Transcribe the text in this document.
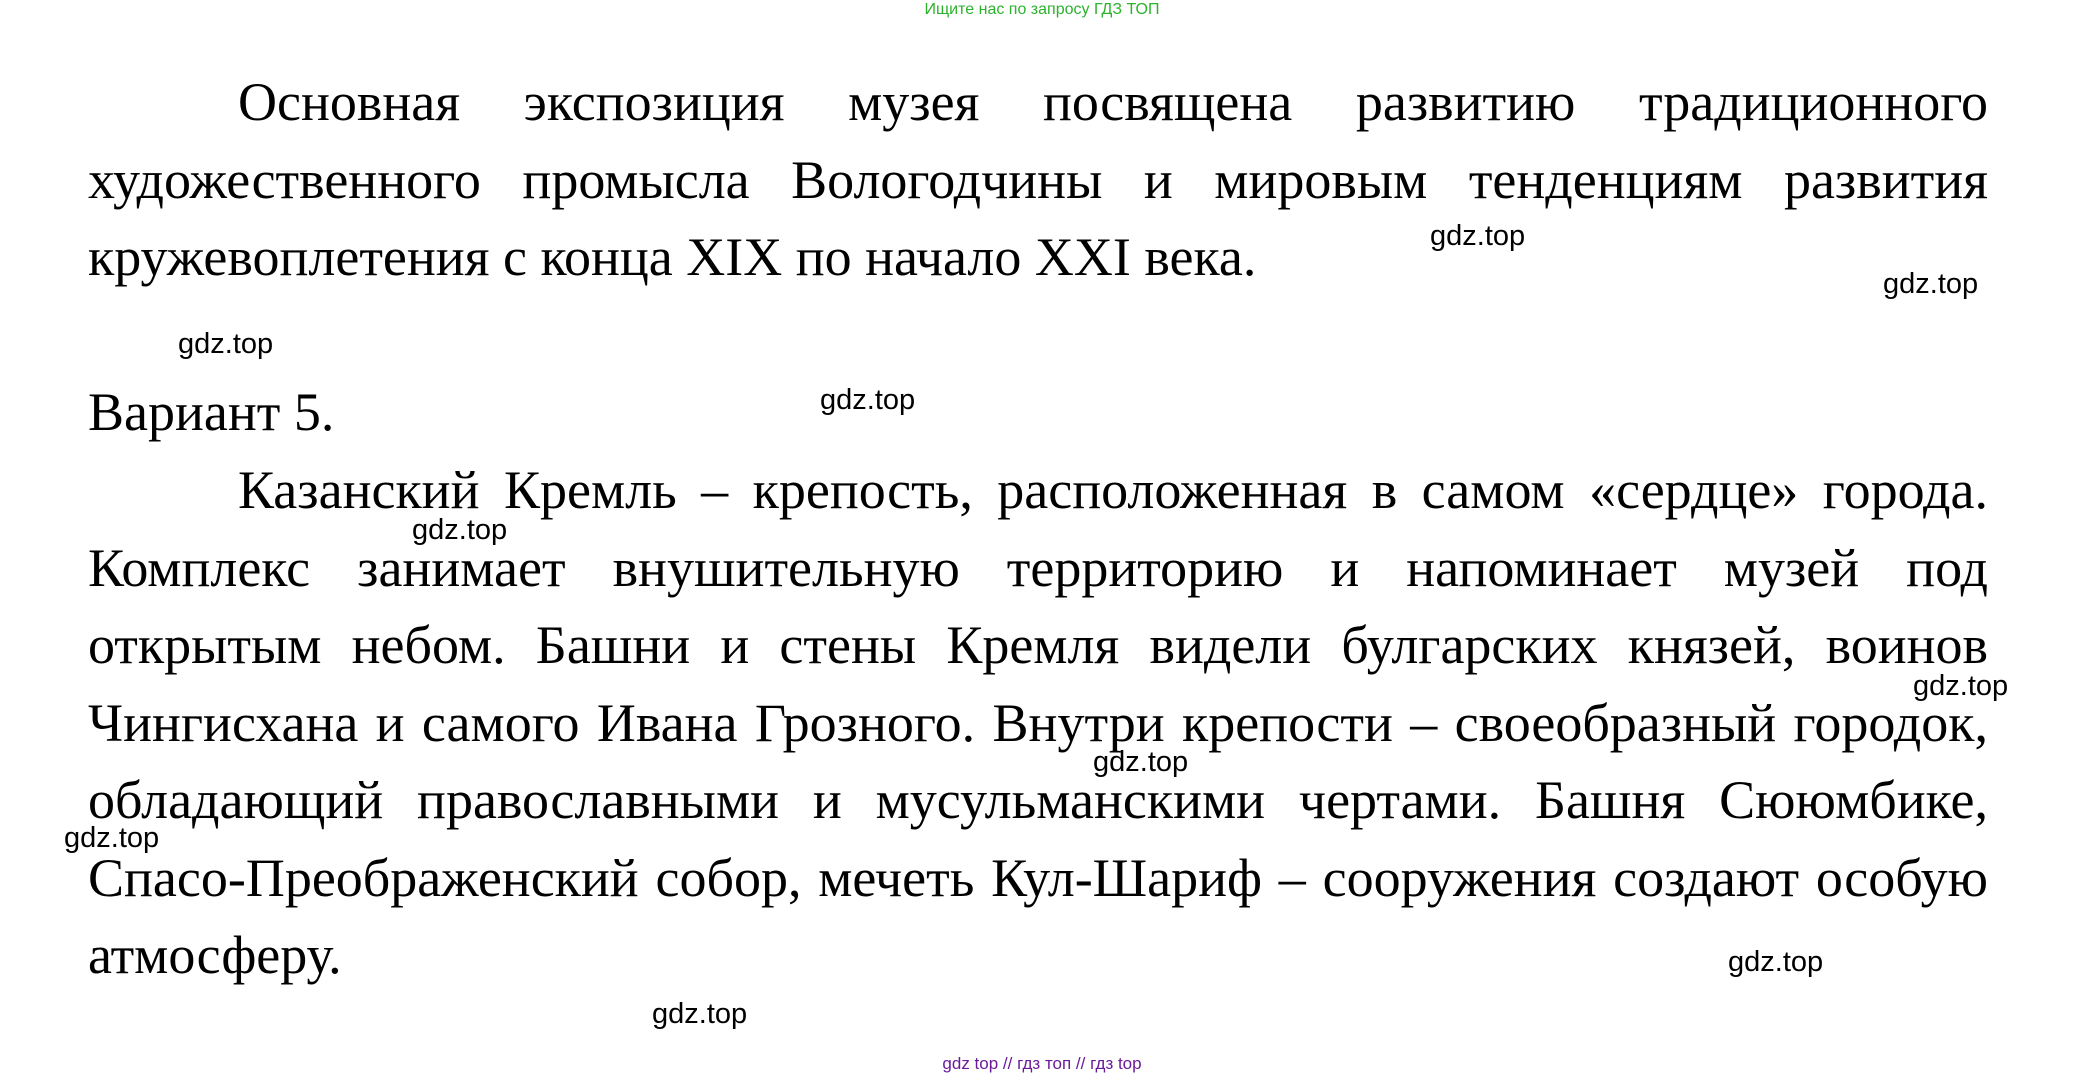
Ищите нас по запросу ГДЗ ТОП

Основная экспозиция музея посвящена развитию традиционного художественного промысла Вологодчины и мировым тенденциям развития кружевоплетения с конца XIX по начало XXI века.

Вариант 5.

Казанский Кремль – крепость, расположенная в самом «сердце» города. Комплекс занимает внушительную территорию и напоминает музей под открытым небом. Башни и стены Кремля видели булгарских князей, воинов Чингисхана и самого Ивана Грозного. Внутри крепости – своеобразный городок, обладающий православными и мусульманскими чертами. Башня Сююмбике, Спасо-Преображенский собор, мечеть Кул-Шариф – сооружения создают особую атмосферу.

gdz.top
gdz.top
gdz.top
gdz.top
gdz.top
gdz.top
gdz.top
gdz.top
gdz.top
gdz.top
gdz top // гдз топ // гдз top
